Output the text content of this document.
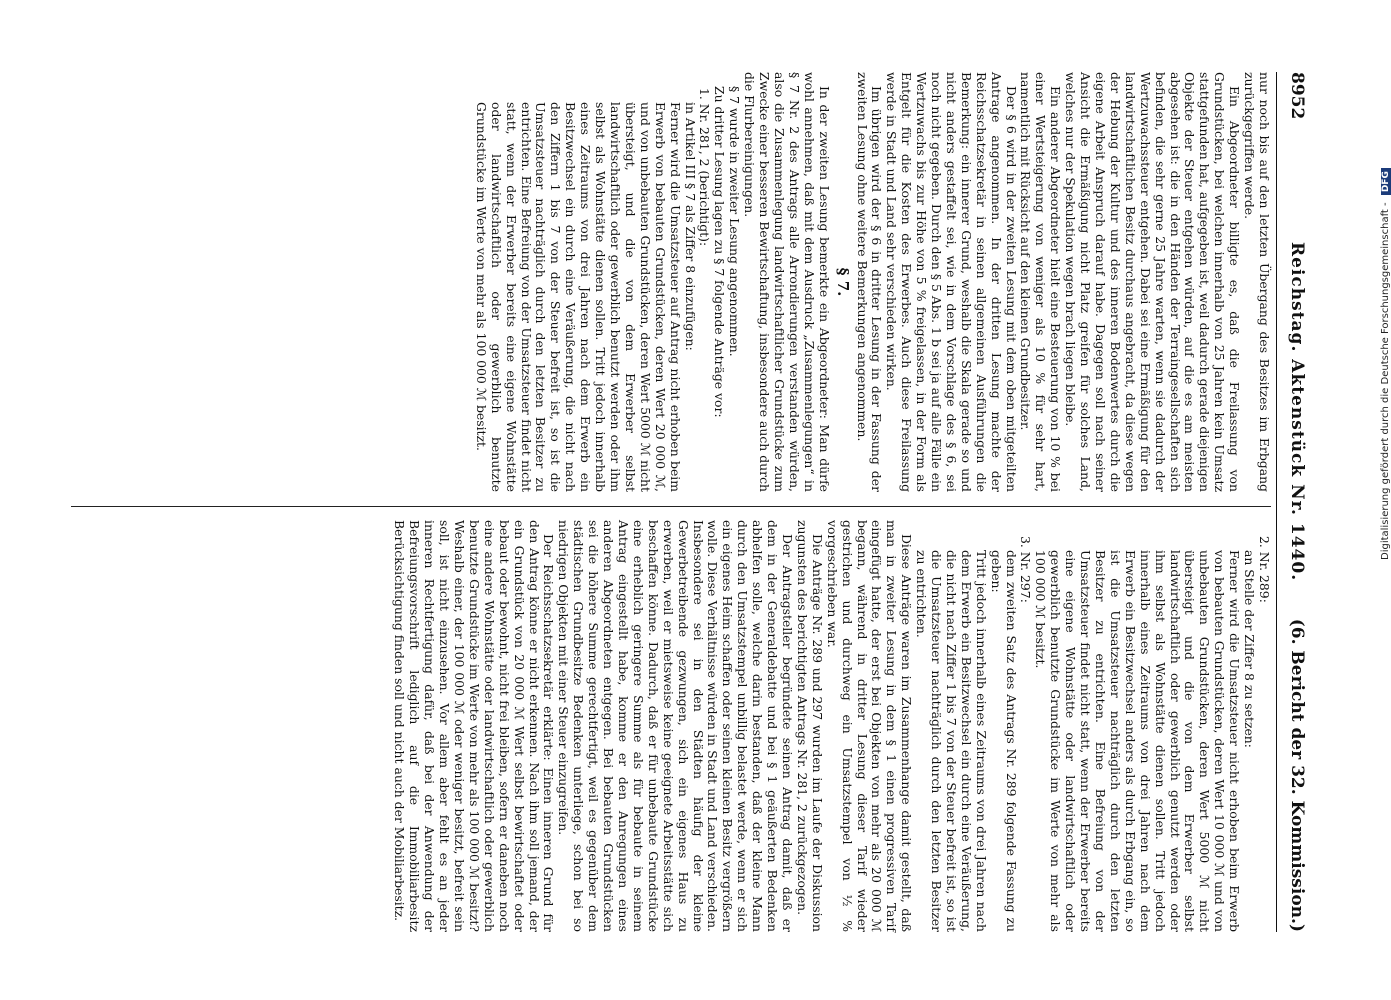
8952
Reichstag. Aktenstück Nr. 1440.
(6. Bericht der 32. Kommission.)

nur noch bis auf den letzten Übergang des Besitzes im Erbgang zurückgegriffen werde.

Ein Abgeordneter billigte es, daß die Freilassung von Grundstücken, bei welchen innerhalb von 25 Jahren kein Umsatz stattgefunden hat, aufgegeben ist, weil dadurch gerade diejenigen Objekte der Steuer entgehen würden, auf die es am meisten abgesehen ist: die in den Händen der Terraingesellschaften sich befinden, die sehr gerne 25 Jahre warten, wenn sie dadurch der Wertzuwachssteuer entgehen. Dabei sei eine Ermäßigung für den landwirtschaftlichen Besitz durchaus angebracht, da diese wegen der Hebung der Kultur und des inneren Bodenwertes durch die eigene Arbeit Anspruch darauf habe. Dagegen soll nach seiner Ansicht die Ermäßigung nicht Platz greifen für solches Land, welches nur der Spekulation wegen brach liegen bleibe.

Ein anderer Abgeordneter hielt eine Besteuerung von 10 % bei einer Wertsteigerung von weniger als 10 % für sehr hart, namentlich mit Rücksicht auf den kleinen Grundbesitzer.

Der § 6 wird in der zweiten Lesung mit dem oben mitgeteilten Antrage angenommen. In der dritten Lesung machte der Reichsschatzsekretär in seinen allgemeinen Ausführungen die Bemerkung: ein innerer Grund, weshalb die Skala gerade so und nicht anders gestaffelt sei, wie in dem Vorschlage des § 6, sei noch nicht gegeben. Durch den § 5 Abs. 1 b sei ja auf alle Fälle ein Wertzuwachs bis zur Höhe von 5 % freigelassen, in der Form als Entgelt für die Kosten des Erwerbes. Auch diese Freilassung werde in Stadt und Land sehr verschieden wirken.

Im übrigen wird der § 6 in dritter Lesung in der Fassung der zweiten Lesung ohne weitere Bemerkungen angenommen.

§ 7.

In der zweiten Lesung bemerkte ein Abgeordneter: Man dürfe wohl annehmen, daß mit dem Ausdruck „Zusammenlegungen“ in § 7 Nr. 2 des Antrags alle Arrondierungen verstanden würden, also die Zusammenlegung landwirtschaftlicher Grundstücke zum Zwecke einer besseren Bewirtschaftung, insbesondere auch durch die Flurbereinigungen.

§ 7 wurde in zweiter Lesung angenommen.

Zu dritter Lesung lagen zu § 7 folgende Anträge vor:

1. Nr. 281, 2 (berichtigt):

in Artikel III § 7 als Ziffer 8 einzufügen:

Ferner wird die Umsatzsteuer auf Antrag nicht erhoben beim Erwerb von bebauten Grundstücken, deren Wert 20 000 ℳ, und von unbebauten Grundstücken, deren Wert 5000 ℳ nicht übersteigt, und die von dem Erwerber selbst landwirtschaftlich oder gewerblich benutzt werden oder ihm selbst als Wohnstätte dienen sollen. Tritt jedoch innerhalb eines Zeitraums von drei Jahren nach dem Erwerb ein Besitzwechsel ein durch eine Veräußerung, die nicht nach den Ziffern 1 bis 7 von der Steuer befreit ist, so ist die Umsatzsteuer nachträglich durch den letzten Besitzer zu entrichten. Eine Befreiung von der Umsatzsteuer findet nicht statt, wenn der Erwerber bereits eine eigene Wohnstätte oder landwirtschaftlich oder gewerblich benutzte Grundstücke im Werte von mehr als 100 000 ℳ besitzt.

2. Nr. 289:

an Stelle der Ziffer 8 zu setzen:

Ferner wird die Umsatzsteuer nicht erhoben beim Erwerb von bebauten Grundstücken, deren Wert 10 000 ℳ und von unbebauten Grundstücken, deren Wert 5000 ℳ nicht übersteigt und die von dem Erwerber selbst landwirtschaftlich oder gewerblich genutzt werden oder ihm selbst als Wohnstätte dienen sollen. Tritt jedoch innerhalb eines Zeitraums von drei Jahren nach dem Erwerb ein Besitzwechsel anders als durch Erbgang ein, so ist die Umsatzsteuer nachträglich durch den letzten Besitzer zu entrichten. Eine Befreiung von der Umsatzsteuer findet nicht statt, wenn der Erwerber bereits eine eigene Wohnstätte oder landwirtschaftlich oder gewerblich benutzte Grundstücke im Werte von mehr als 100 000 ℳ besitzt.

3. Nr. 297:

dem zweiten Satz des Antrags Nr. 289 folgende Fassung zu geben:

Tritt jedoch innerhalb eines Zeitraums von drei Jahren nach dem Erwerb ein Besitzwechsel ein durch eine Veräußerung, die nicht nach Ziffer 1 bis 7 von der Steuer befreit ist, so ist die Umsatzsteuer nachträglich durch den letzten Besitzer zu entrichten.

Diese Anträge waren im Zusammenhange damit gestellt, daß man in zweiter Lesung in dem § 1 einen progressiven Tarif eingefügt hatte, der erst bei Objekten von mehr als 20 000 ℳ begann, während in dritter Lesung dieser Tarif wieder gestrichen und durchweg ein Umsatzstempel von ½ % vorgeschrieben war.

Die Anträge Nr. 289 und 297 wurden im Laufe der Diskussion zugunsten des berichtigten Antrags Nr. 281, 2 zurückgezogen.

Der Antragsteller begründete seinen Antrag damit, daß er dem in der Generaldebatte und bei § 1 geäußerten Bedenken abhelfen solle, welche darin bestanden, daß der kleine Mann durch den Umsatzstempel unbillig belastet werde, wenn er sich ein eigenes Heim schaffen oder seinen kleinen Besitz vergrößern wolle. Diese Verhältnisse würden in Stadt und Land verschieden. Insbesondere sei in den Städten häufig der kleine Gewerbetreibende gezwungen, sich ein eigenes Haus zu erwerben, weil er mietsweise keine geeignete Arbeitsstätte sich beschaffen könne. Dadurch, daß er für unbebaute Grundstücke eine erheblich geringere Summe als für bebaute in seinem Antrag eingestellt habe, komme er den Anregungen eines anderen Abgeordneten entgegen. Bei bebauten Grundstücken sei die höhere Summe gerechtfertigt, weil es gegenüber dem städtischen Grundbesitze Bedenken unterliege, schon bei so niedrigen Objekten mit einer Steuer einzugreifen.

Der Reichsschatzsekretär erklärte: Einen inneren Grund für den Antrag könne er nicht erkennen. Nach ihm soll jemand, der ein Grundstück von 20 000 ℳ Wert selbst bewirtschaftet oder bebaut oder bewohnt, nicht frei bleiben, sofern er daneben noch eine andere Wohnstätte oder landwirtschaftlich oder gewerblich benutzte Grundstücke im Werte von mehr als 100 000 ℳ besitzt? Weshalb einer, der 100 000 ℳ oder weniger besitzt, befreit sein soll, ist nicht einzusehen. Vor allem aber fehlt es an jeder inneren Rechtfertigung dafür, daß bei der Anwendung der Befreiungsvorschrift lediglich auf die Immobiliarbesitz Berücksichtigung finden soll und nicht auch der Mobiliarbesitz.

Digitalisierung gefördert durch die Deutsche Forschungsgemeinschaft - DFG
